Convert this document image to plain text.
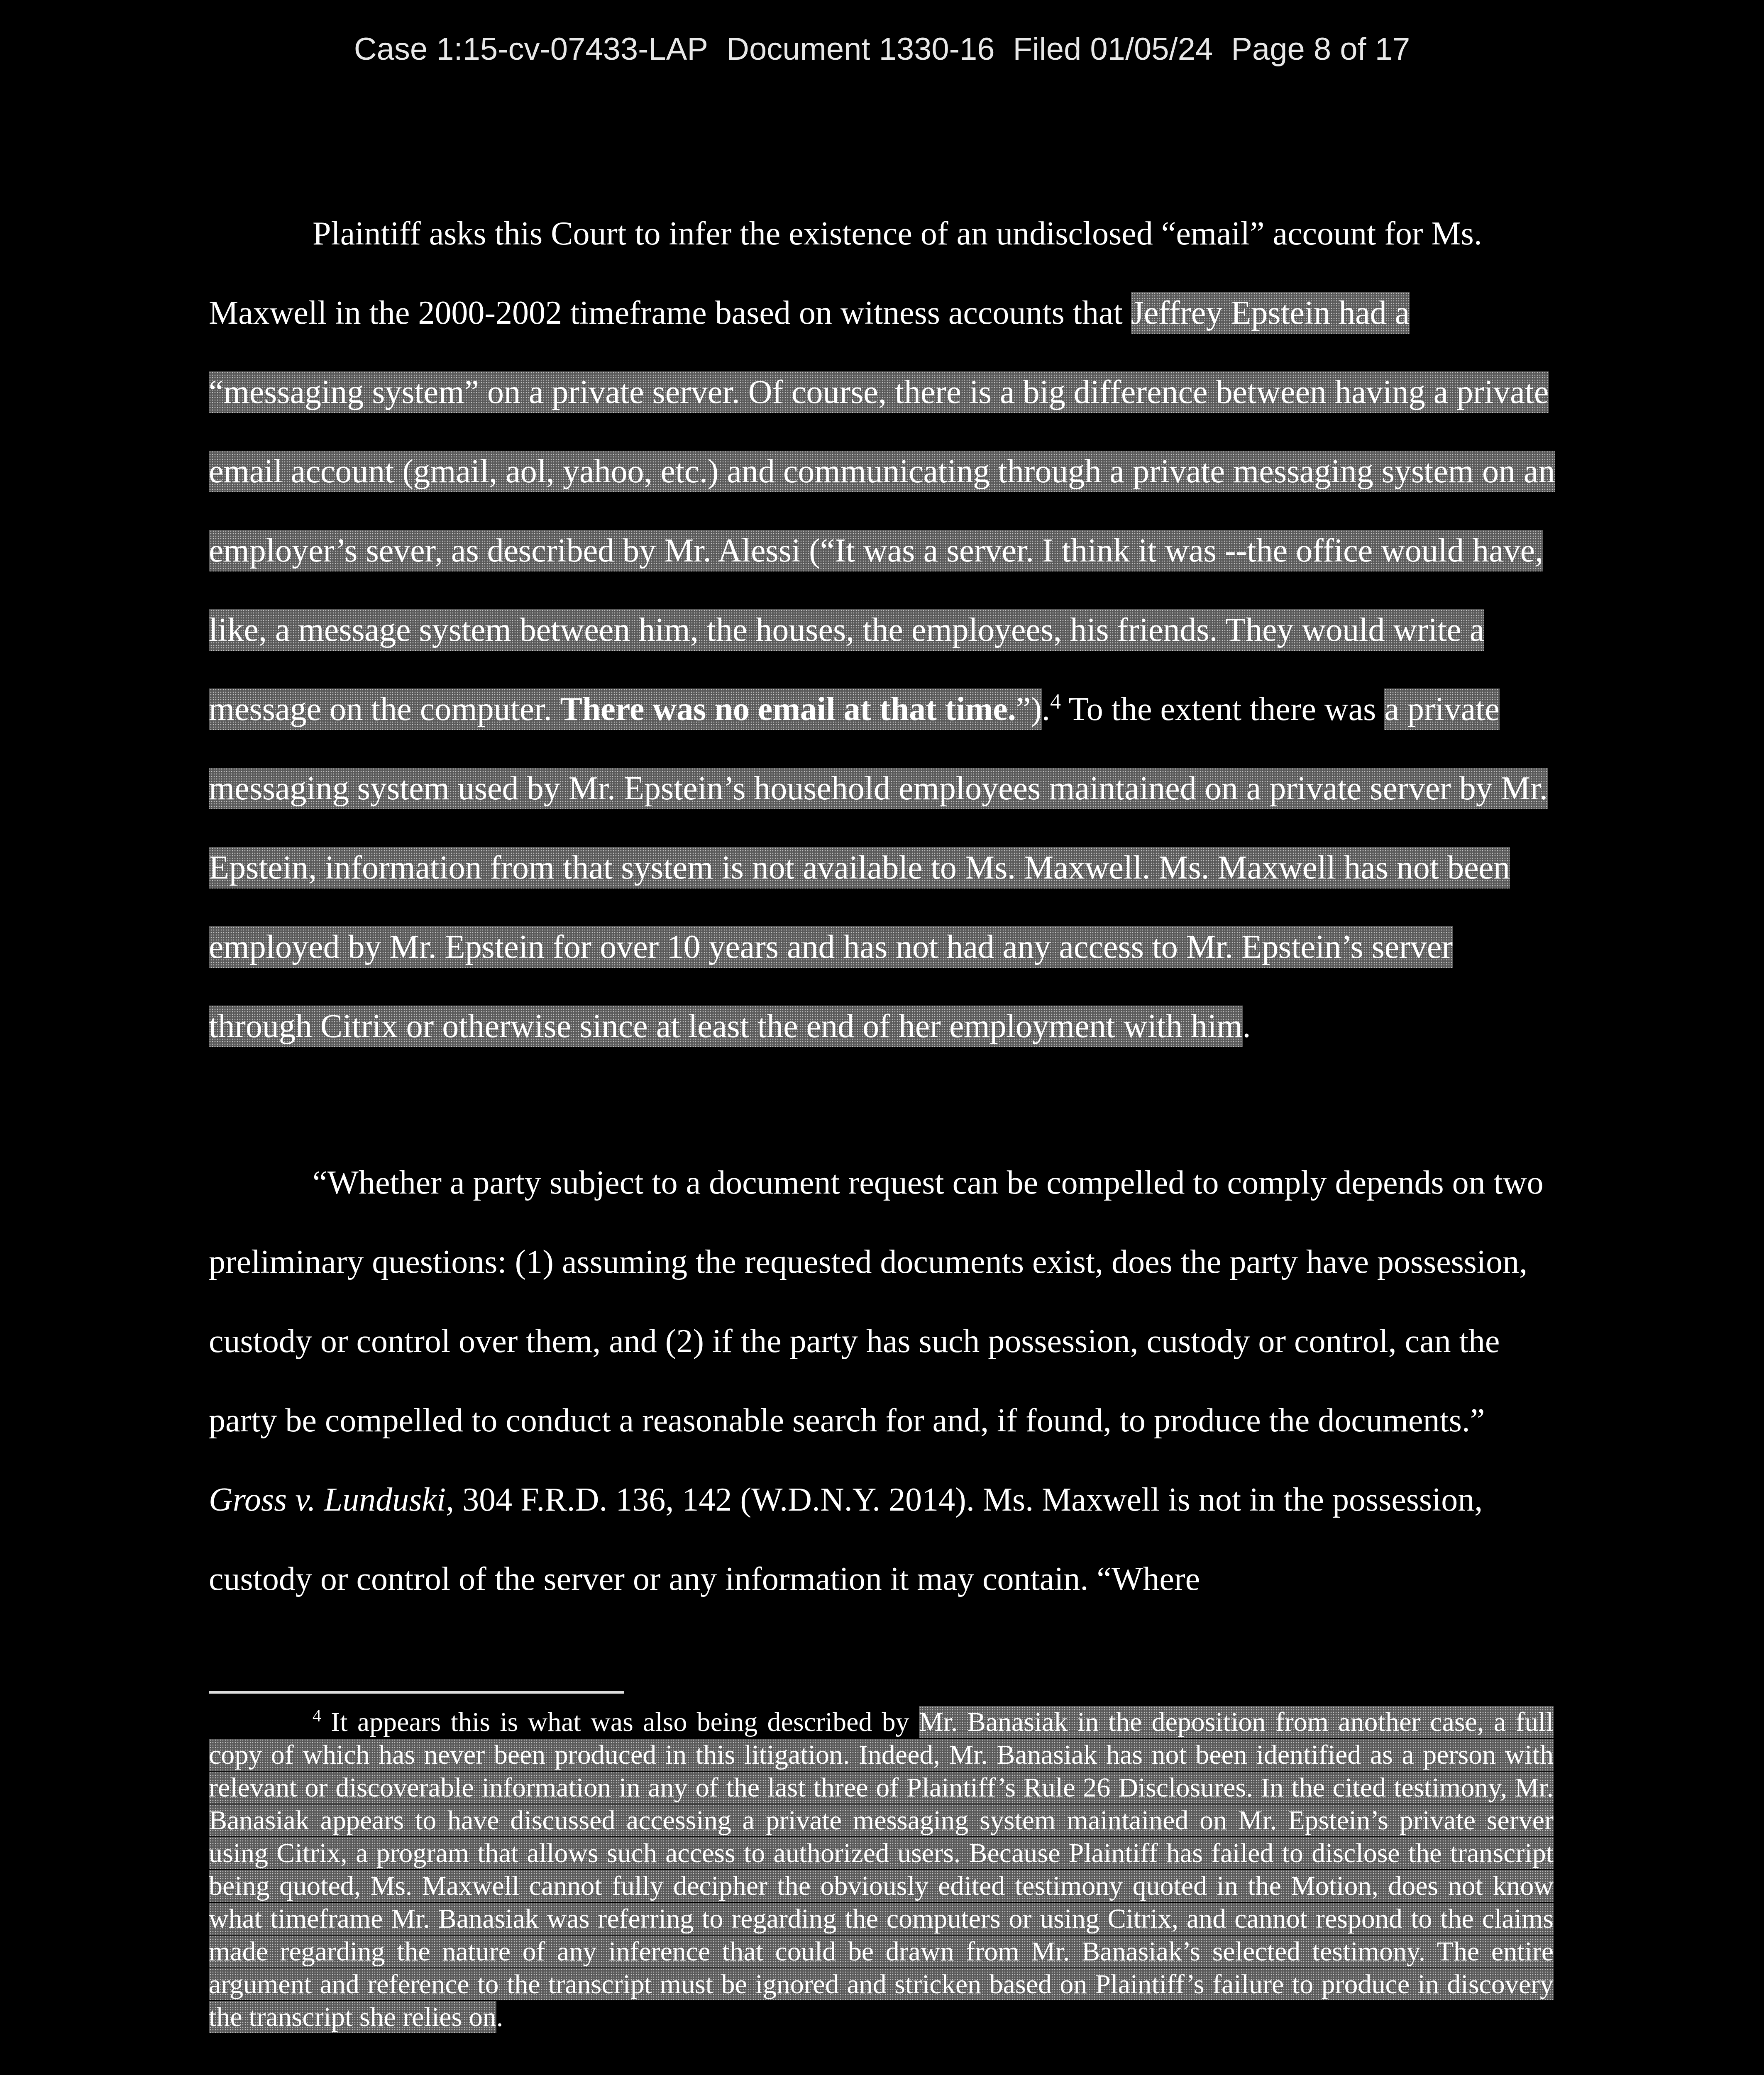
Case 1:15-cv-07433-LAP Document 1330-16 Filed 01/05/24 Page 8 of 17

Plaintiff asks this Court to infer the existence of an undisclosed “email” account for Ms. Maxwell in the 2000-2002 timeframe based on witness accounts that Jeffrey Epstein had a “messaging system” on a private server. Of course, there is a big difference between having a private email account (gmail, aol, yahoo, etc.) and communicating through a private messaging system on an employer’s sever, as described by Mr. Alessi (“It was a server. I think it was --the office would have, like, a message system between him, the houses, the employees, his friends. They would write a message on the computer. There was no email at that time.”).$^4$ To the extent there was a private messaging system used by Mr. Epstein’s household employees maintained on a private server by Mr. Epstein, information from that system is not available to Ms. Maxwell. Ms. Maxwell has not been employed by Mr. Epstein for over 10 years and has not had any access to Mr. Epstein’s server through Citrix or otherwise since at least the end of her employment with him.

“Whether a party subject to a document request can be compelled to comply depends on two preliminary questions: (1) assuming the requested documents exist, does the party have possession, custody or control over them, and (2) if the party has such possession, custody or control, can the party be compelled to conduct a reasonable search for and, if found, to produce the documents.” Gross v. Lunduski, 304 F.R.D. 136, 142 (W.D.N.Y. 2014). Ms. Maxwell is not in the possession, custody or control of the server or any information it may contain. “Where

$^4$ It appears this is what was also being described by Mr. Banasiak in the deposition from another case, a full copy of which has never been produced in this litigation. Indeed, Mr. Banasiak has not been identified as a person with relevant or discoverable information in any of the last three of Plaintiff’s Rule 26 Disclosures. In the cited testimony, Mr. Banasiak appears to have discussed accessing a private messaging system maintained on Mr. Epstein’s private server using Citrix, a program that allows such access to authorized users. Because Plaintiff has failed to disclose the transcript being quoted, Ms. Maxwell cannot fully decipher the obviously edited testimony quoted in the Motion, does not know what timeframe Mr. Banasiak was referring to regarding the computers or using Citrix, and cannot respond to the claims made regarding the nature of any inference that could be drawn from Mr. Banasiak’s selected testimony. The entire argument and reference to the transcript must be ignored and stricken based on Plaintiff’s failure to produce in discovery the transcript she relies on.
